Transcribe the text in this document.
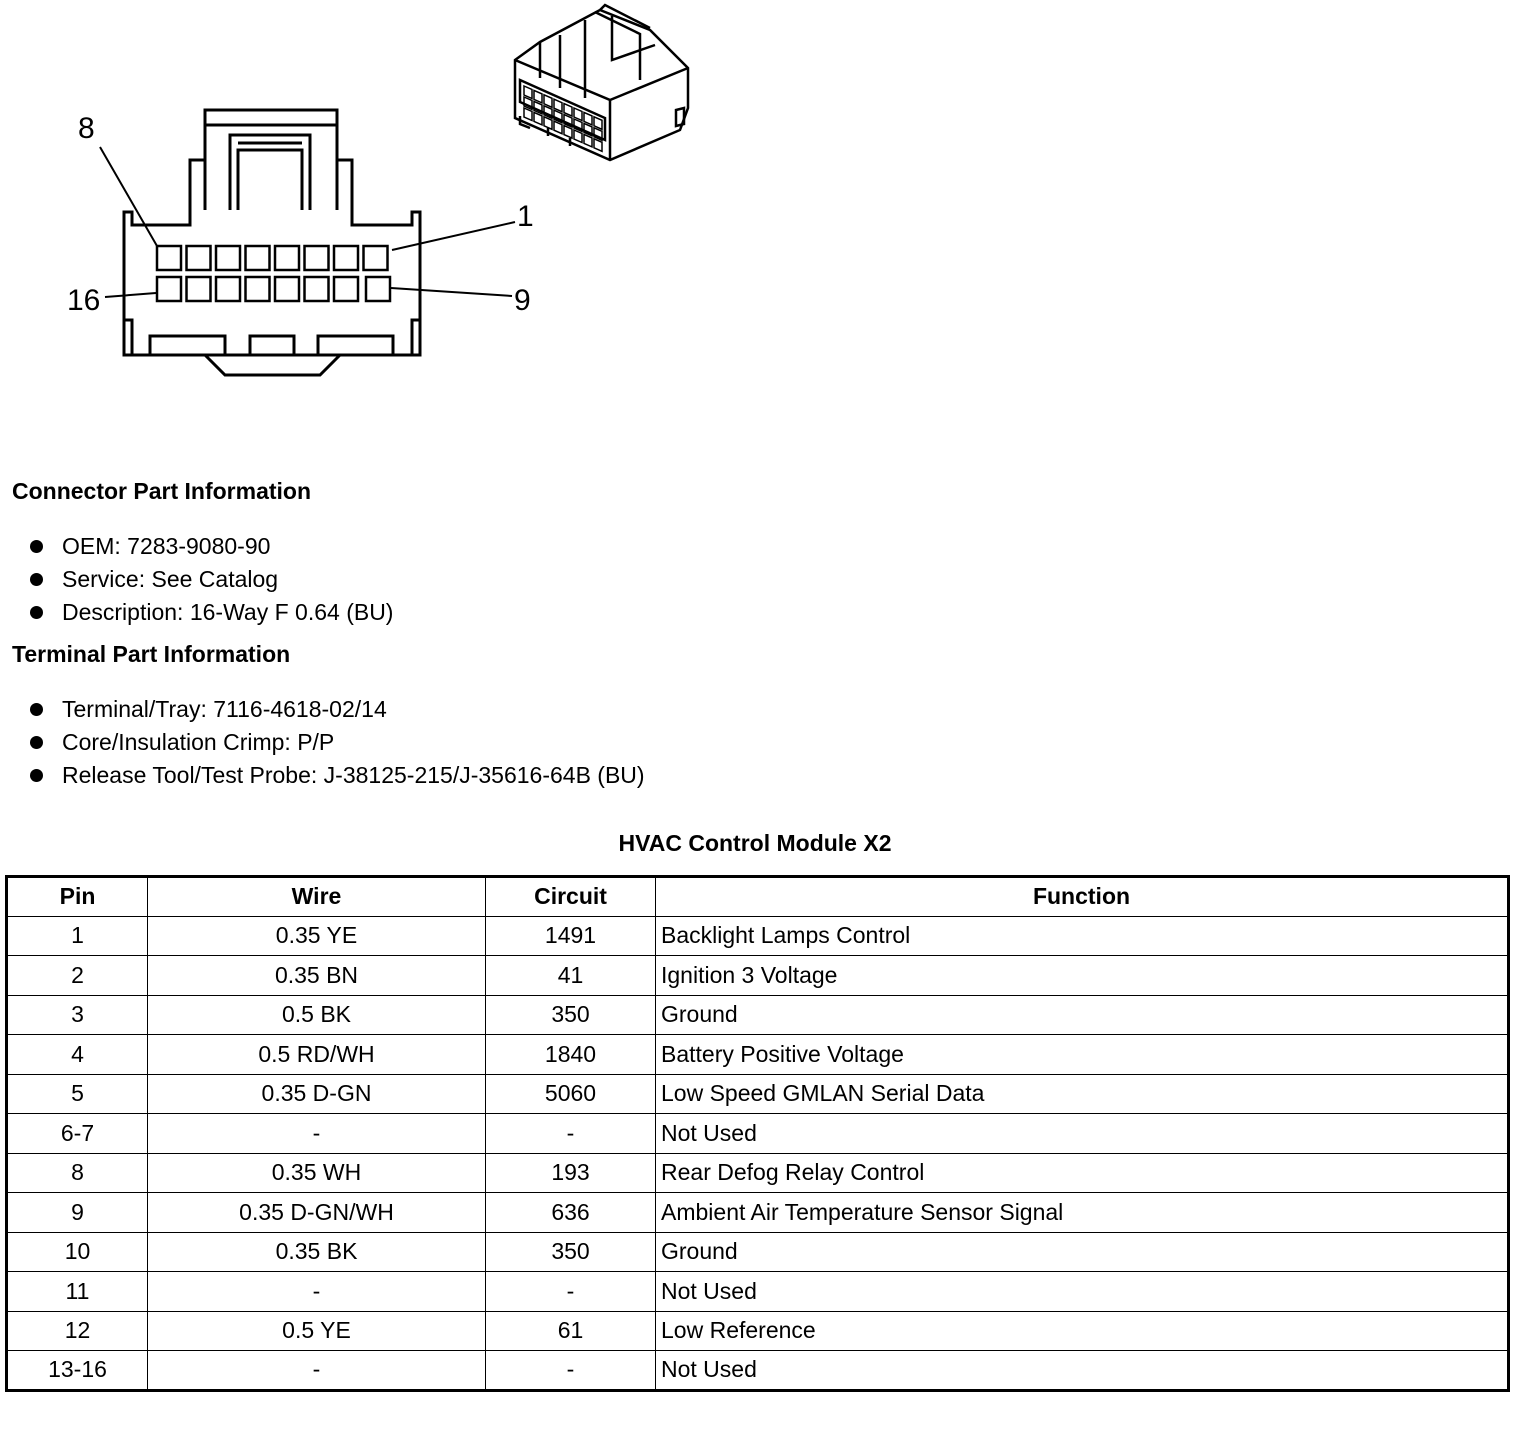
8
1
16	9
Connector Part Information
OEM: 7283-9080-90
Service: See Catalog
Description: 16-Way F 0.64 (BU)
Terminal Part Information
Terminal/Tray: 7116-4618-02/14
Core/Insulation Crimp: P/P
Release Tool/Test Probe: J-38125-215/J-35616-64B (BU)
HVAC Control Module X2
Pin	Wire	Circuit	Function
1	0.35 YE	1491	Backlight Lamps Control
2	0.35 BN	41	Ignition 3 Voltage
3	0.5 BK	350	Ground
4	0.5 RD/WH	1840	Battery Positive Voltage
5	0.35 D-GN	5060	Low Speed GMLAN Serial Data
6-7	-	-	Not Used
8	0.35 WH	193	Rear Defog Relay Control
9	0.35 D-GN/WH	636	Ambient Air Temperature Sensor Signal
10	0.35 BK	350	Ground
11	-	-	Not Used
12	0.5 YE	61	Low Reference
13-16	-	-	Not Used
